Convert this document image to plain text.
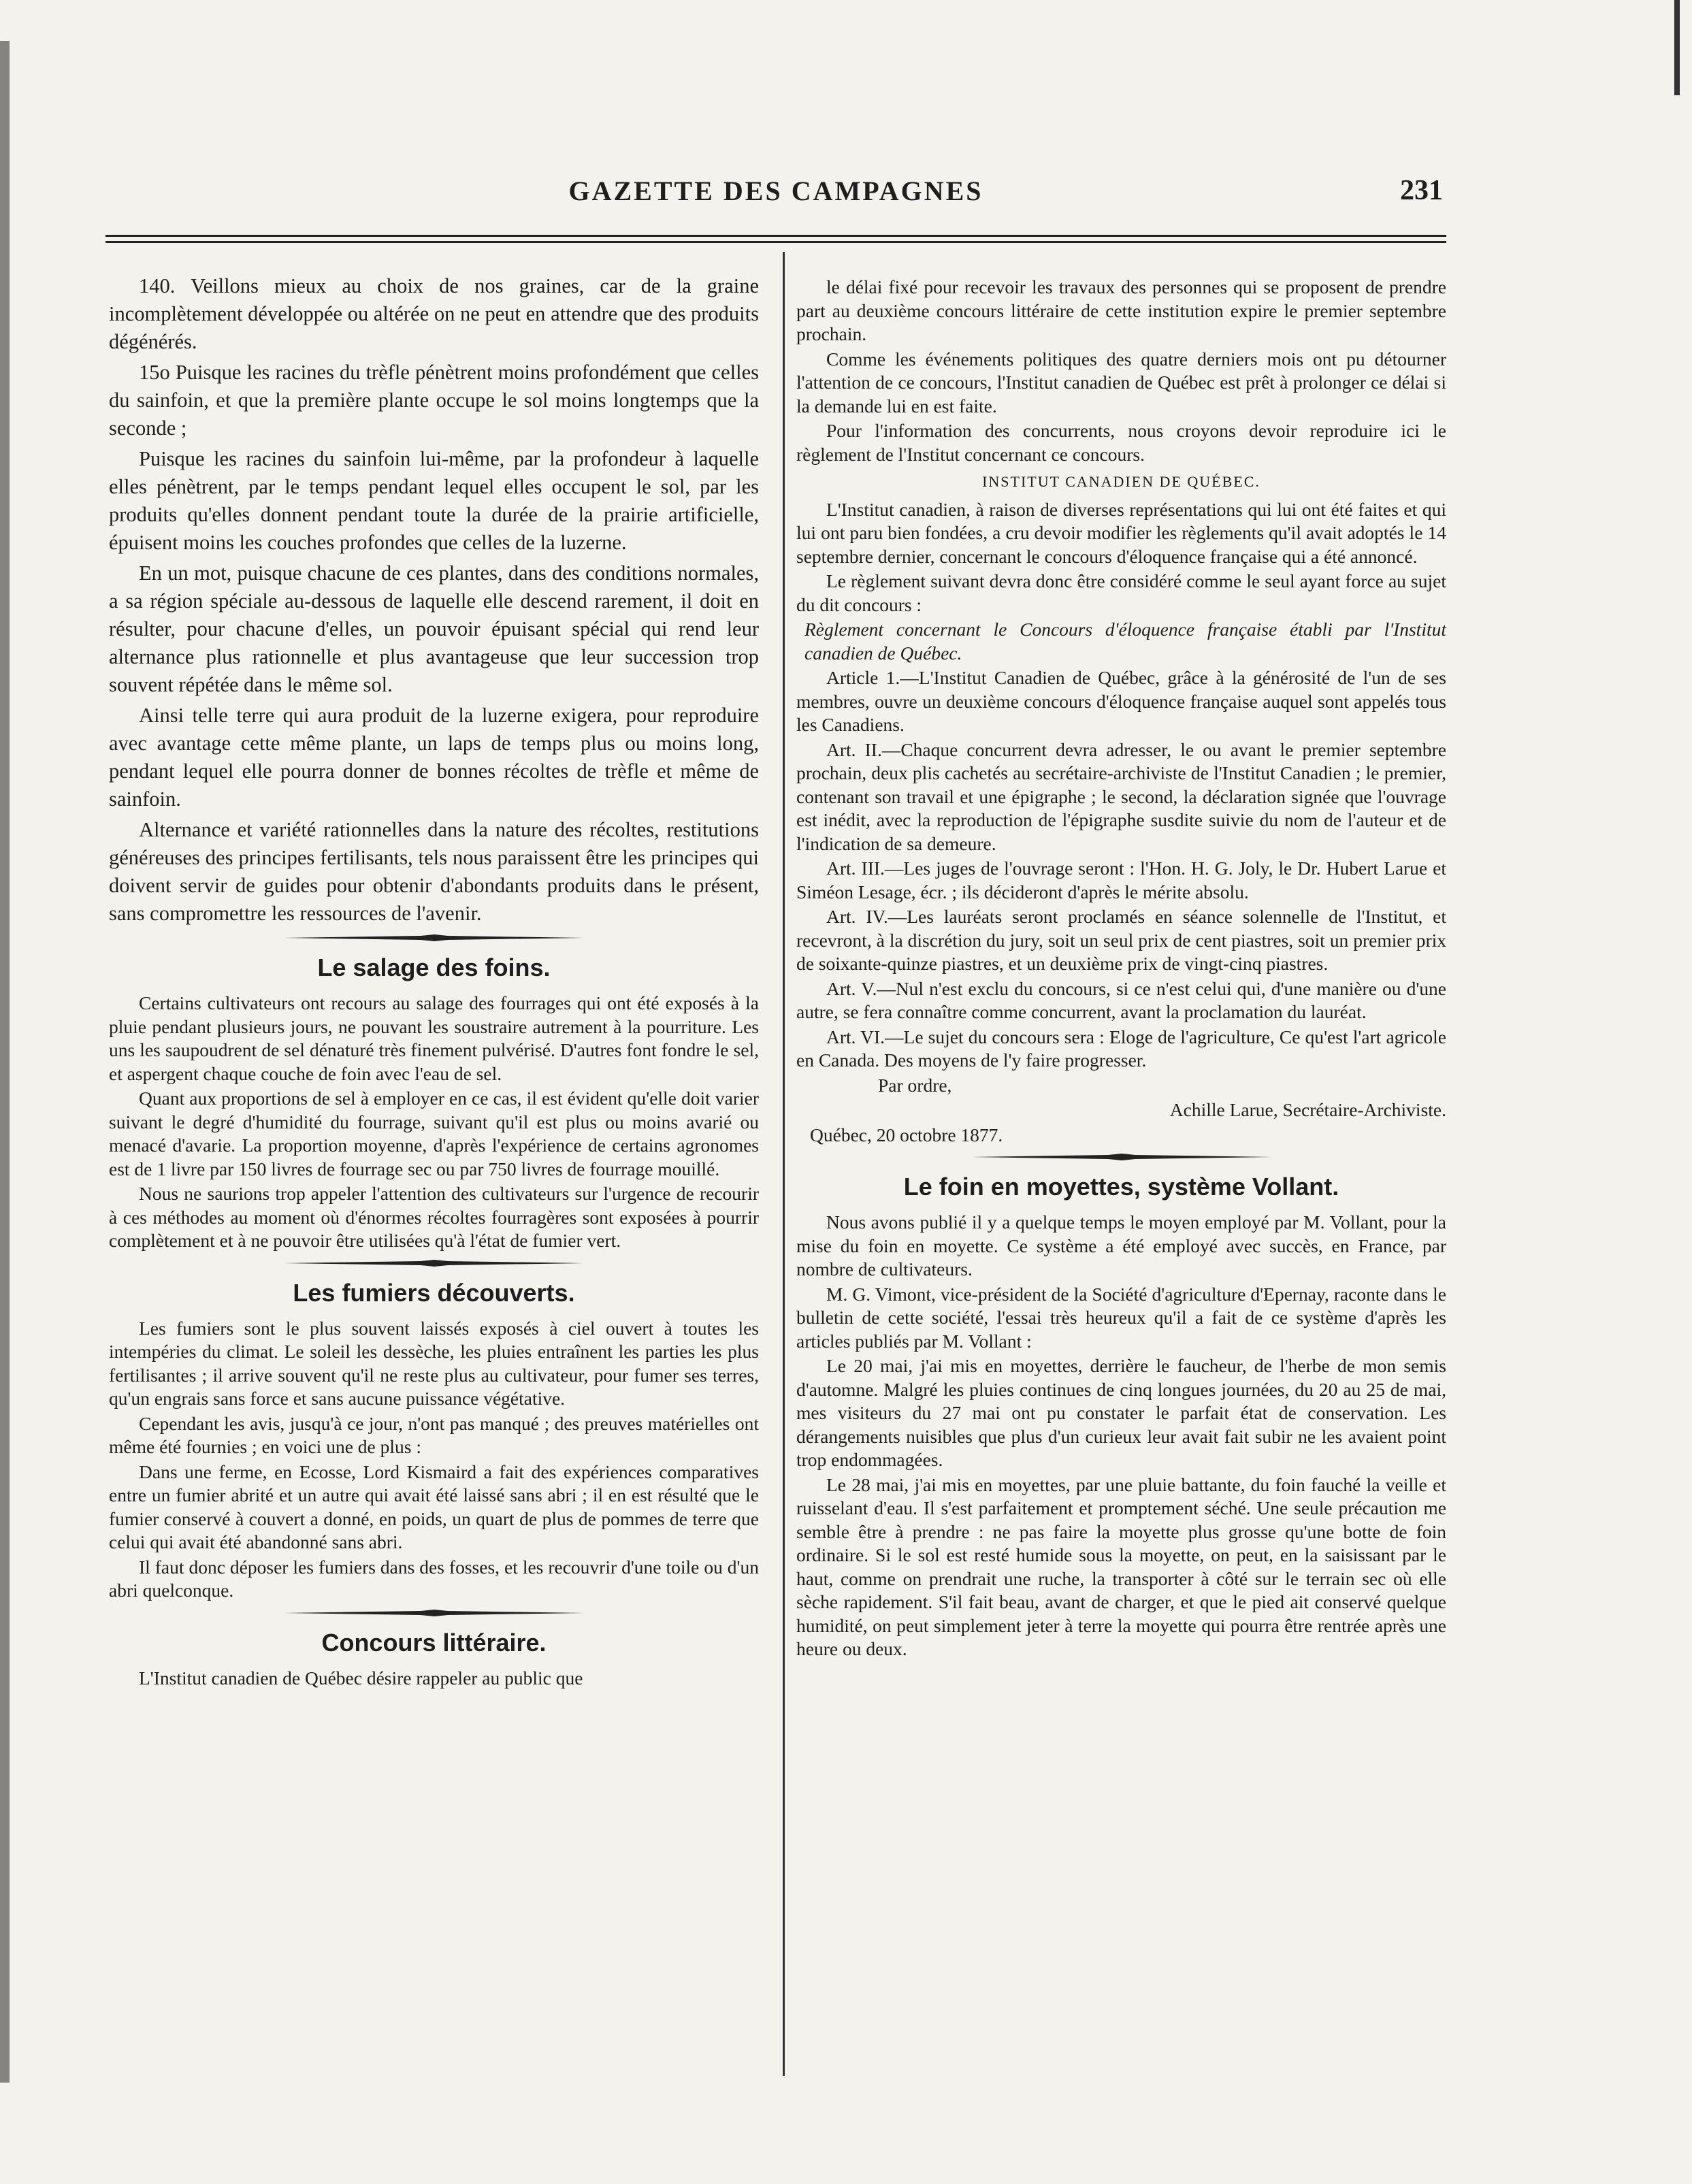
GAZETTE DES CAMPAGNES	231

140. Veillons mieux au choix de nos graines, car de la graine incomplètement développée ou altérée on ne peut en attendre que des produits dégénérés.

15o Puisque les racines du trèfle pénètrent moins profondément que celles du sainfoin, et que la première plante occupe le sol moins longtemps que la seconde ;

Puisque les racines du sainfoin lui-même, par la profondeur à laquelle elles pénètrent, par le temps pendant lequel elles occupent le sol, par les produits qu'elles donnent pendant toute la durée de la prairie artificielle, épuisent moins les couches profondes que celles de la luzerne.

En un mot, puisque chacune de ces plantes, dans des conditions normales, a sa région spéciale au-dessous de laquelle elle descend rarement, il doit en résulter, pour chacune d'elles, un pouvoir épuisant spécial qui rend leur alternance plus rationnelle et plus avantageuse que leur succession trop souvent répétée dans le même sol.

Ainsi telle terre qui aura produit de la luzerne exigera, pour reproduire avec avantage cette même plante, un laps de temps plus ou moins long, pendant lequel elle pourra donner de bonnes récoltes de trèfle et même de sainfoin.

Alternance et variété rationnelles dans la nature des récoltes, restitutions généreuses des principes fertilisants, tels nous paraissent être les principes qui doivent servir de guides pour obtenir d'abondants produits dans le présent, sans compromettre les ressources de l'avenir.

Le salage des foins.

Certains cultivateurs ont recours au salage des fourrages qui ont été exposés à la pluie pendant plusieurs jours, ne pouvant les soustraire autrement à la pourriture. Les uns les saupoudrent de sel dénaturé très finement pulvérisé. D'autres font fondre le sel, et aspergent chaque couche de foin avec l'eau de sel.

Quant aux proportions de sel à employer en ce cas, il est évident qu'elle doit varier suivant le degré d'humidité du fourrage, suivant qu'il est plus ou moins avarié ou menacé d'avarie. La proportion moyenne, d'après l'expérience de certains agronomes est de 1 livre par 150 livres de fourrage sec ou par 750 livres de fourrage mouillé.

Nous ne saurions trop appeler l'attention des cultivateurs sur l'urgence de recourir à ces méthodes au moment où d'énormes récoltes fourragères sont exposées à pourrir complètement et à ne pouvoir être utilisées qu'à l'état de fumier vert.

Les fumiers découverts.

Les fumiers sont le plus souvent laissés exposés à ciel ouvert à toutes les intempéries du climat. Le soleil les dessèche, les pluies entraînent les parties les plus fertilisantes ; il arrive souvent qu'il ne reste plus au cultivateur, pour fumer ses terres, qu'un engrais sans force et sans aucune puissance végétative.

Cependant les avis, jusqu'à ce jour, n'ont pas manqué ; des preuves matérielles ont même été fournies ; en voici une de plus :

Dans une ferme, en Ecosse, Lord Kismaird a fait des expériences comparatives entre un fumier abrité et un autre qui avait été laissé sans abri ; il en est résulté que le fumier conservé à couvert a donné, en poids, un quart de plus de pommes de terre que celui qui avait été abandonné sans abri.

Il faut donc déposer les fumiers dans des fosses, et les recouvrir d'une toile ou d'un abri quelconque.

Concours littéraire.

L'Institut canadien de Québec désire rappeler au public que

le délai fixé pour recevoir les travaux des personnes qui se proposent de prendre part au deuxième concours littéraire de cette institution expire le premier septembre prochain.

Comme les événements politiques des quatre derniers mois ont pu détourner l'attention de ce concours, l'Institut canadien de Québec est prêt à prolonger ce délai si la demande lui en est faite.

Pour l'information des concurrents, nous croyons devoir reproduire ici le règlement de l'Institut concernant ce concours.

INSTITUT CANADIEN DE QUÉBEC.

L'Institut canadien, à raison de diverses représentations qui lui ont été faites et qui lui ont paru bien fondées, a cru devoir modifier les règlements qu'il avait adoptés le 14 septembre dernier, concernant le concours d'éloquence française qui a été annoncé.

Le règlement suivant devra donc être considéré comme le seul ayant force au sujet du dit concours :

Règlement concernant le Concours d'éloquence française établi par l'Institut canadien de Québec.

Article 1.—L'Institut Canadien de Québec, grâce à la générosité de l'un de ses membres, ouvre un deuxième concours d'éloquence française auquel sont appelés tous les Canadiens.

Art. II.—Chaque concurrent devra adresser, le ou avant le premier septembre prochain, deux plis cachetés au secrétaire-archiviste de l'Institut Canadien ; le premier, contenant son travail et une épigraphe ; le second, la déclaration signée que l'ouvrage est inédit, avec la reproduction de l'épigraphe susdite suivie du nom de l'auteur et de l'indication de sa demeure.

Art. III.—Les juges de l'ouvrage seront : l'Hon. H. G. Joly, le Dr. Hubert Larue et Siméon Lesage, écr. ; ils décideront d'après le mérite absolu.

Art. IV.—Les lauréats seront proclamés en séance solennelle de l'Institut, et recevront, à la discrétion du jury, soit un seul prix de cent piastres, soit un premier prix de soixante-quinze piastres, et un deuxième prix de vingt-cinq piastres.

Art. V.—Nul n'est exclu du concours, si ce n'est celui qui, d'une manière ou d'une autre, se fera connaître comme concurrent, avant la proclamation du lauréat.

Art. VI.—Le sujet du concours sera : Eloge de l'agriculture, Ce qu'est l'art agricole en Canada. Des moyens de l'y faire progresser.

Par ordre,

Achille Larue, Secrétaire-Archiviste.

Québec, 20 octobre 1877.

Le foin en moyettes, système Vollant.

Nous avons publié il y a quelque temps le moyen employé par M. Vollant, pour la mise du foin en moyette. Ce système a été employé avec succès, en France, par nombre de cultivateurs.

M. G. Vimont, vice-président de la Société d'agriculture d'Epernay, raconte dans le bulletin de cette société, l'essai très heureux qu'il a fait de ce système d'après les articles publiés par M. Vollant :

Le 20 mai, j'ai mis en moyettes, derrière le faucheur, de l'herbe de mon semis d'automne. Malgré les pluies continues de cinq longues journées, du 20 au 25 de mai, mes visiteurs du 27 mai ont pu constater le parfait état de conservation. Les dérangements nuisibles que plus d'un curieux leur avait fait subir ne les avaient point trop endommagées.

Le 28 mai, j'ai mis en moyettes, par une pluie battante, du foin fauché la veille et ruisselant d'eau. Il s'est parfaitement et promptement séché. Une seule précaution me semble être à prendre : ne pas faire la moyette plus grosse qu'une botte de foin ordinaire. Si le sol est resté humide sous la moyette, on peut, en la saisissant par le haut, comme on prendrait une ruche, la transporter à côté sur le terrain sec où elle sèche rapidement. S'il fait beau, avant de charger, et que le pied ait conservé quelque humidité, on peut simplement jeter à terre la moyette qui pourra être rentrée après une heure ou deux.
